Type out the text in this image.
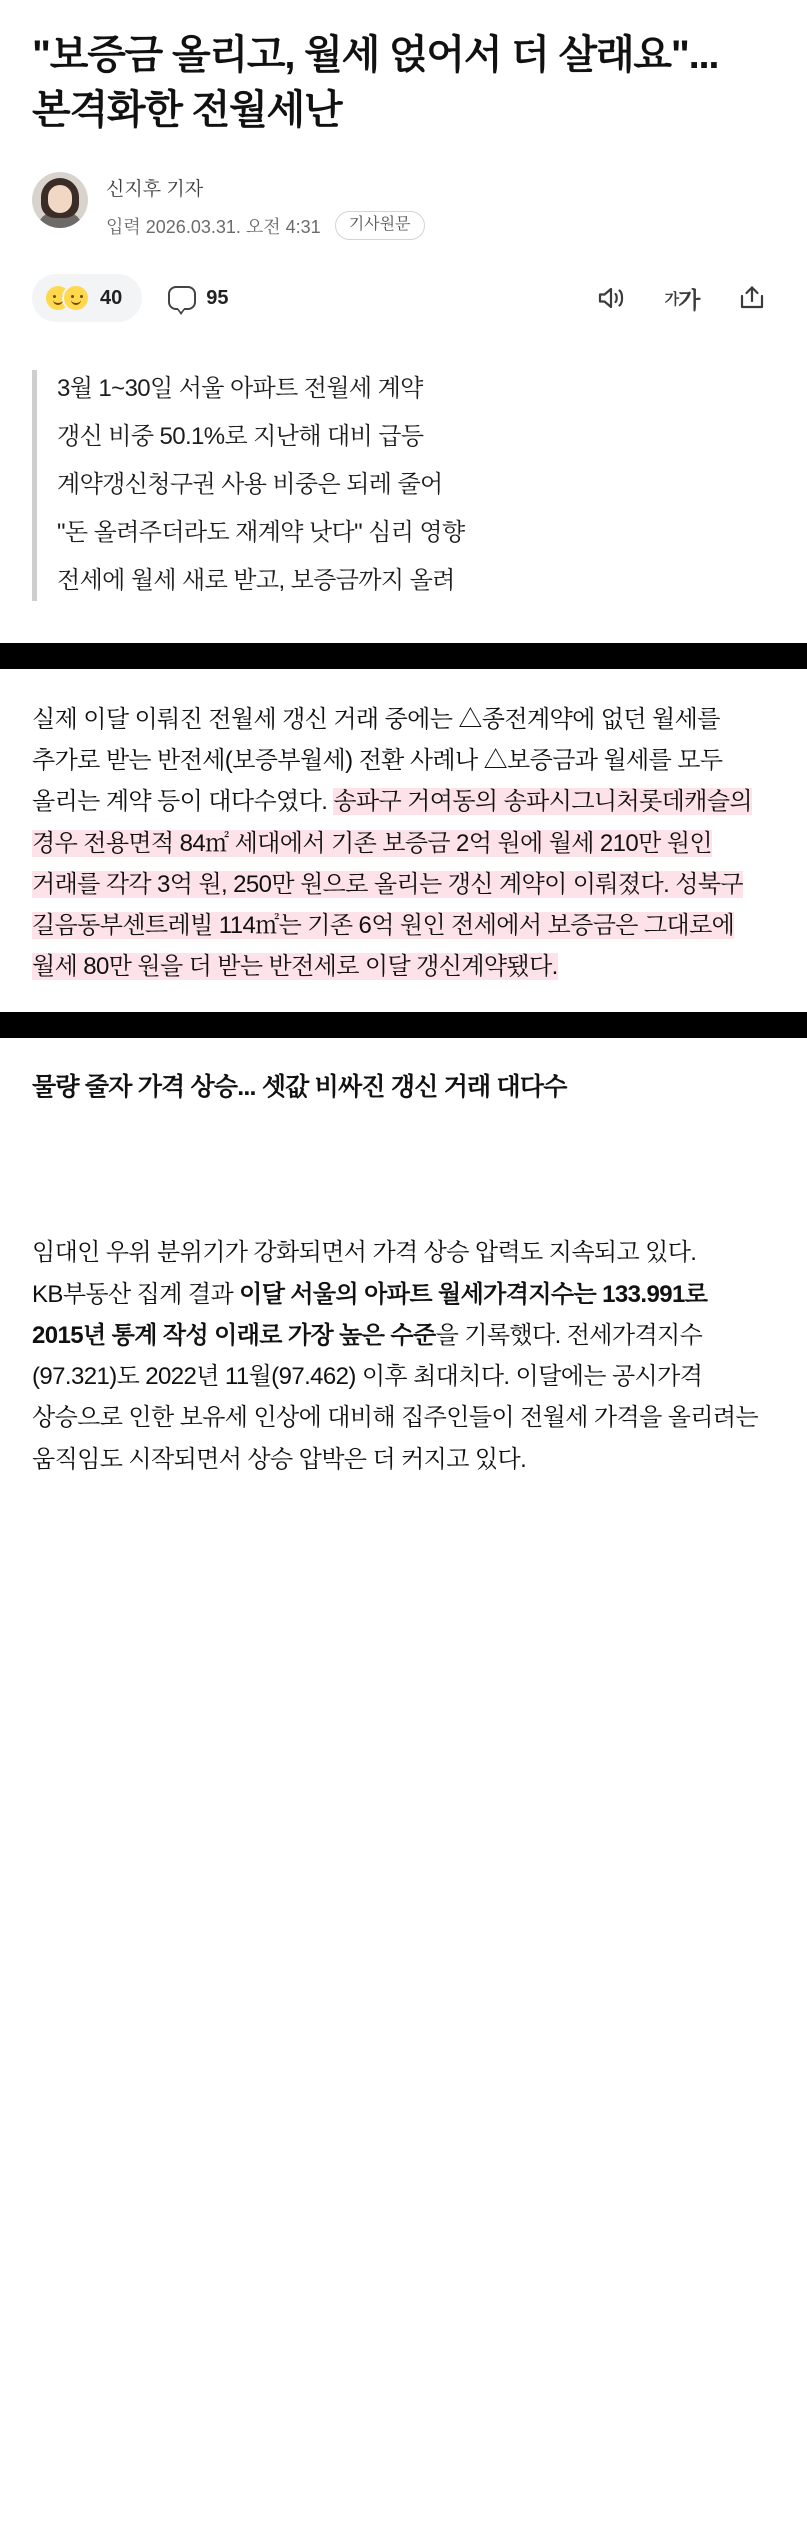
"보증금 올리고, 월세 얹어서 더 살래요"... 본격화한 전월세난
신지후 기자
입력 2026.03.31. 오전 4:31	기사원문
40	95	가 가

3월 1~30일 서울 아파트 전월세 계약

갱신 비중 50.1%로 지난해 대비 급등

계약갱신청구권 사용 비중은 되레 줄어

"돈 올려주더라도 재계약 낫다" 심리 영향

전세에 월세 새로 받고, 보증금까지 올려

실제 이달 이뤄진 전월세 갱신 거래 중에는 △종전계약에 없던 월세를 추가로 받는 반전세(보증부월세) 전환 사례나 △보증금과 월세를 모두 올리는 계약 등이 대다수였다. 송파구 거여동의 송파시그니처롯데캐슬의 경우 전용면적 84㎡ 세대에서 기존 보증금 2억 원에 월세 210만 원인 거래를 각각 3억 원, 250만 원으로 올리는 갱신 계약이 이뤄졌다. 성북구 길음동부센트레빌 114㎡는 기존 6억 원인 전세에서 보증금은 그대로에 월세 80만 원을 더 받는 반전세로 이달 갱신계약됐다.

물량 줄자 가격 상승... 셋값 비싸진 갱신 거래 대다수

임대인 우위 분위기가 강화되면서 가격 상승 압력도 지속되고 있다. KB부동산 집계 결과 이달 서울의 아파트 월세가격지수는 133.991로 2015년 통계 작성 이래로 가장 높은 수준을 기록했다. 전세가격지수(97.321)도 2022년 11월(97.462) 이후 최대치다. 이달에는 공시가격 상승으로 인한 보유세 인상에 대비해 집주인들이 전월세 가격을 올리려는 움직임도 시작되면서 상승 압박은 더 커지고 있다.
